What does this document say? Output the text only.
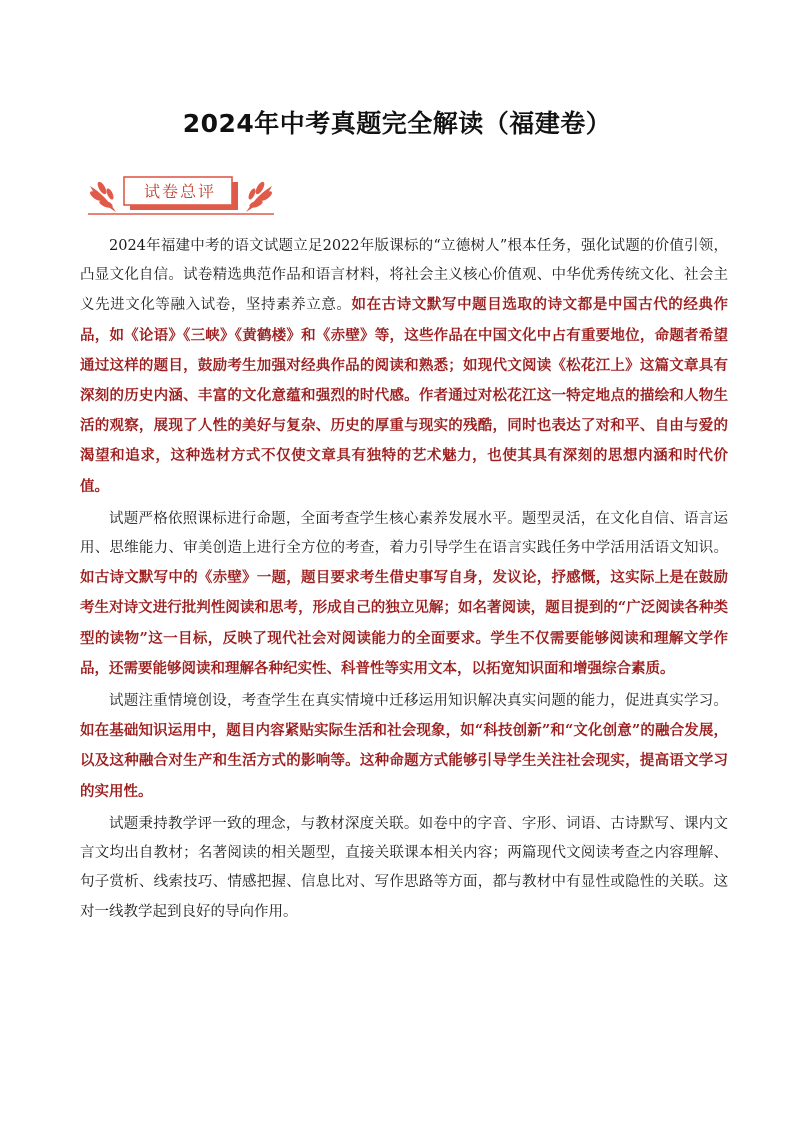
2024年中考真题完全解读（福建卷）
试卷总评

2024年福建中考的语文试题立足2022年版课标的“立德树人”根本任务，强化试题的价值引领，凸显文化自信。试卷精选典范作品和语言材料，将社会主义核心价值观、中华优秀传统文化、社会主义先进文化等融入试卷，坚持素养立意。如在古诗文默写中题目选取的诗文都是中国古代的经典作品，如《论语》《三峡》《黄鹤楼》和《赤壁》等，这些作品在中国文化中占有重要地位，命题者希望通过这样的题目，鼓励考生加强对经典作品的阅读和熟悉；如现代文阅读《松花江上》这篇文章具有深刻的历史内涵、丰富的文化意蕴和强烈的时代感。作者通过对松花江这一特定地点的描绘和人物生活的观察，展现了人性的美好与复杂、历史的厚重与现实的残酷，同时也表达了对和平、自由与爱的渴望和追求，这种选材方式不仅使文章具有独特的艺术魅力，也使其具有深刻的思想内涵和时代价值。

试题严格依照课标进行命题，全面考查学生核心素养发展水平。题型灵活，在文化自信、语言运用、思维能力、审美创造上进行全方位的考查，着力引导学生在语言实践任务中学活用活语文知识。如古诗文默写中的《赤壁》一题，题目要求考生借史事写自身，发议论，抒感慨，这实际上是在鼓励考生对诗文进行批判性阅读和思考，形成自己的独立见解；如名著阅读，题目提到的“广泛阅读各种类型的读物”这一目标，反映了现代社会对阅读能力的全面要求。学生不仅需要能够阅读和理解文学作品，还需要能够阅读和理解各种纪实性、科普性等实用文本，以拓宽知识面和增强综合素质。

试题注重情境创设，考查学生在真实情境中迁移运用知识解决真实问题的能力，促进真实学习。如在基础知识运用中，题目内容紧贴实际生活和社会现象，如“科技创新”和“文化创意”的融合发展，以及这种融合对生产和生活方式的影响等。这种命题方式能够引导学生关注社会现实，提高语文学习的实用性。

试题秉持教学评一致的理念，与教材深度关联。如卷中的字音、字形、词语、古诗默写、课内文言文均出自教材；名著阅读的相关题型，直接关联课本相关内容；两篇现代文阅读考查之内容理解、句子赏析、线索技巧、情感把握、信息比对、写作思路等方面，都与教材中有显性或隐性的关联。这对一线教学起到良好的导向作用。
